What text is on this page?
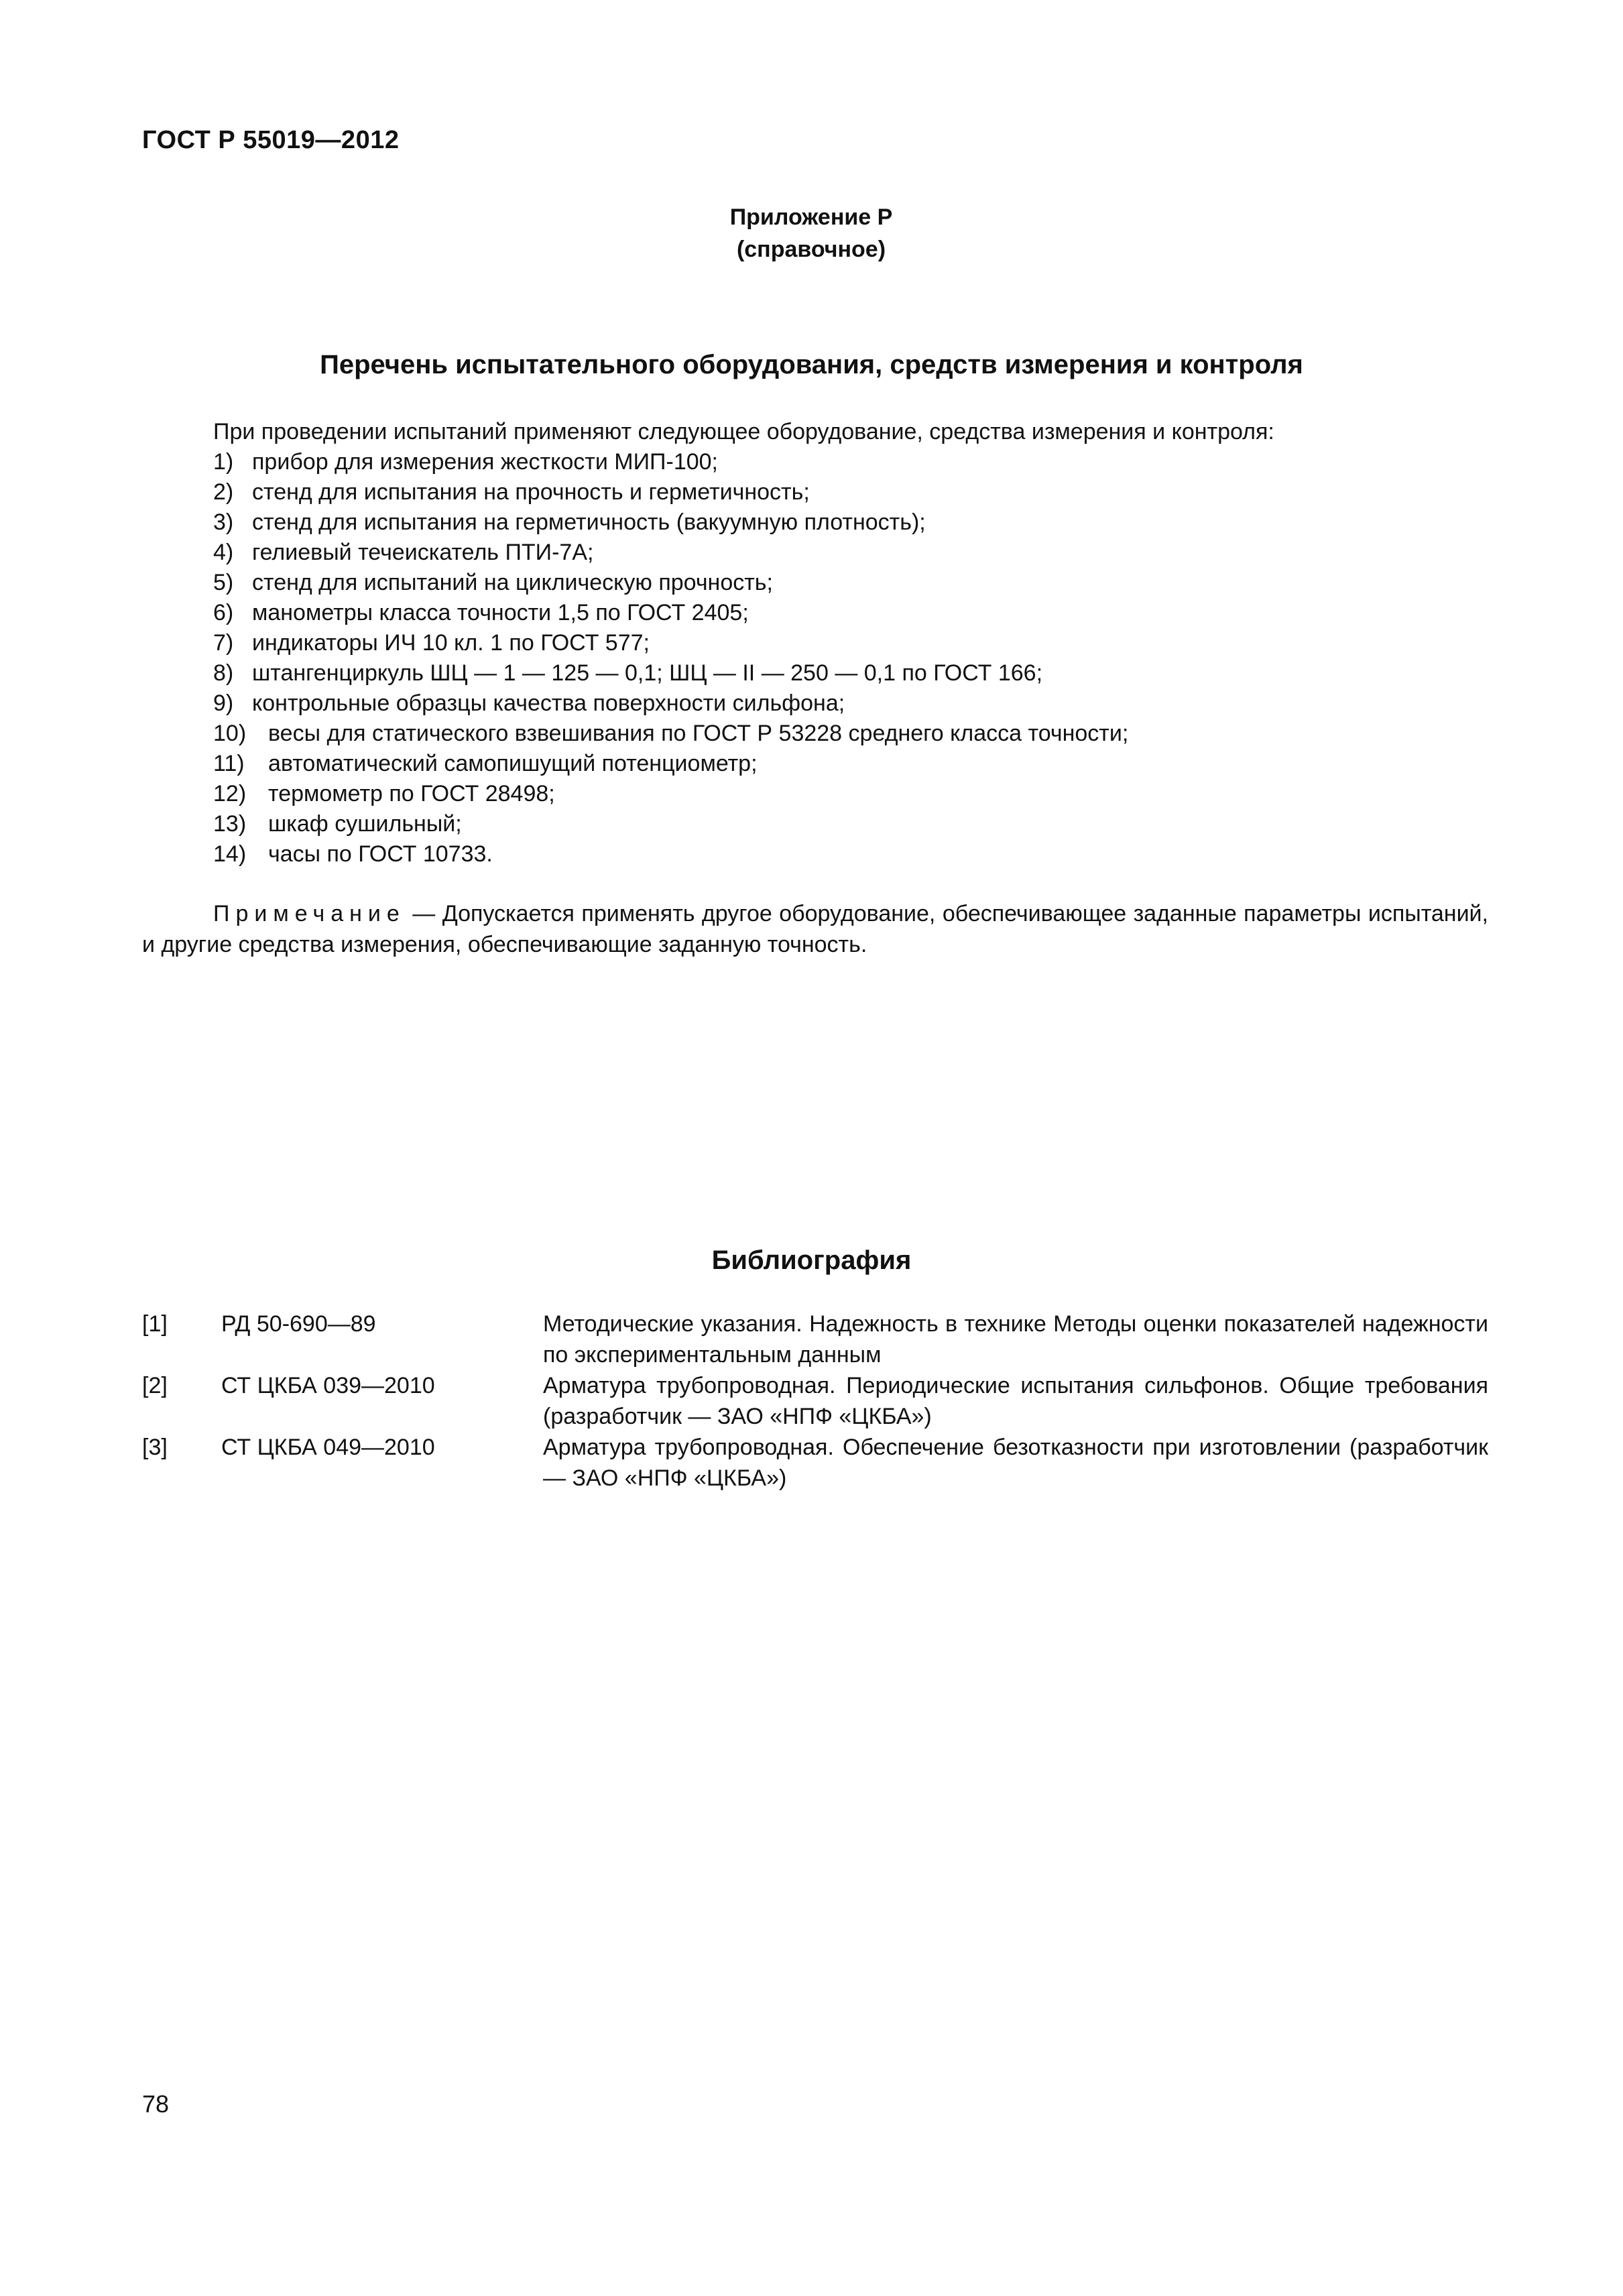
ГОСТ Р 55019—2012
Приложение Р
(справочное)
Перечень испытательного оборудования, средств измерения и контроля
При проведении испытаний применяют следующее оборудование, средства измерения и контроля:
1) прибор для измерения жесткости МИП-100;
2) стенд для испытания на прочность и герметичность;
3) стенд для испытания на герметичность (вакуумную плотность);
4) гелиевый течеискатель ПТИ-7А;
5) стенд для испытаний на циклическую прочность;
6) манометры класса точности 1,5 по ГОСТ 2405;
7) индикаторы ИЧ 10 кл. 1 по ГОСТ 577;
8) штангенциркуль ШЦ — 1 — 125 — 0,1; ШЦ — II — 250 — 0,1 по ГОСТ 166;
9) контрольные образцы качества поверхности сильфона;
10) весы для статического взвешивания по ГОСТ Р 53228 среднего класса точности;
11)	автоматический самопишущий потенциометр;
12) термометр по ГОСТ 28498;
13) шкаф сушильный;
14) часы по ГОСТ 10733.
Примечание — Допускается применять другое оборудование, обеспечивающее заданные параметры испытаний, и другие средства измерения, обеспечивающие заданную точность.
Библиография
[1]	РД 50-690—89	Методические указания. Надежность в технике Методы оценки показателей надежности по экспериментальным данным
[2]	СТ ЦКБА 039—2010	Арматура трубопроводная. Периодические испытания сильфонов. Общие требования (разработчик — ЗАО «НПФ «ЦКБА»)
[3]	СТ ЦКБА 049—2010	Арматура трубопроводная. Обеспечение безотказности при изготовлении (разработчик — ЗАО «НПФ «ЦКБА»)
78
